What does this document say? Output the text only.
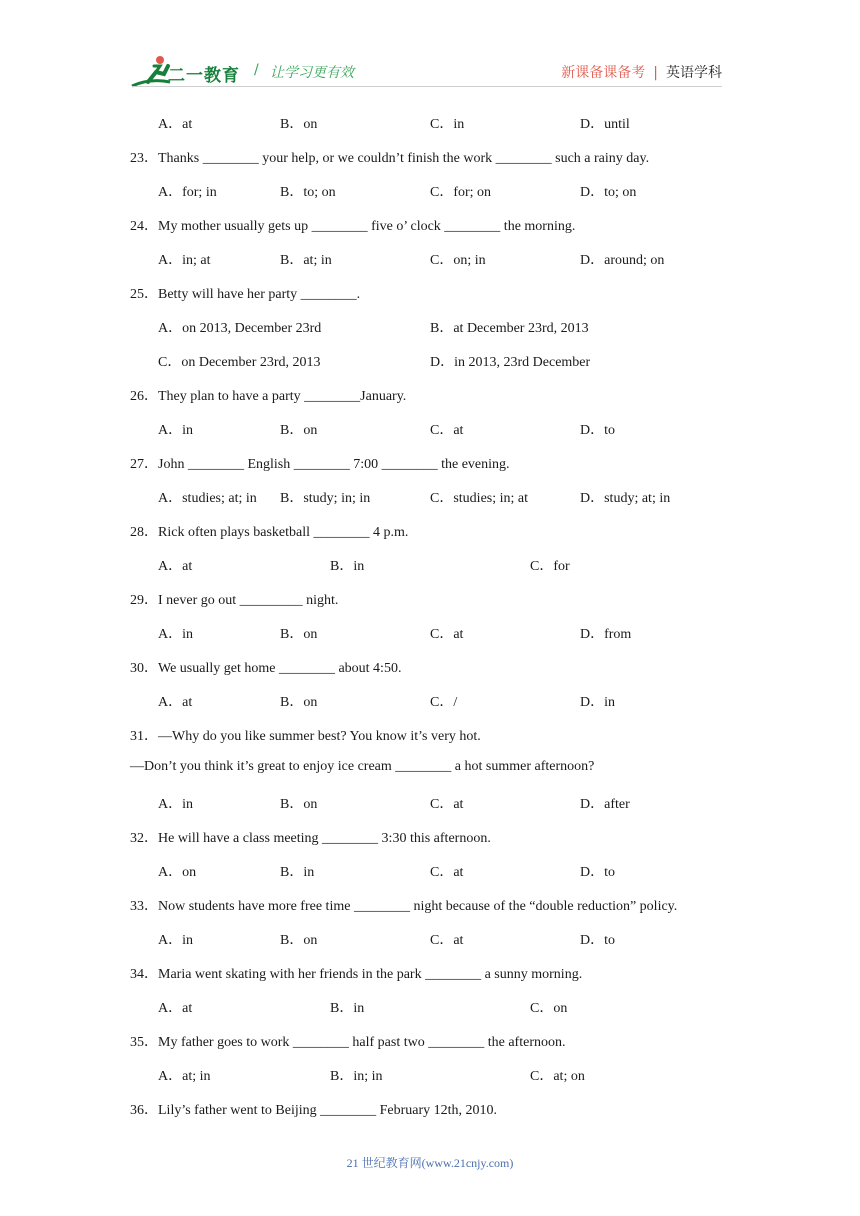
二一教育 / 让学习更有效	新课备课备考 | 英语学科
A．at	B．on	C．in	D．until
23．Thanks ________ your help, or we couldn’t finish the work ________ such a rainy day.
A．for; in	B．to; on	C．for; on	D．to; on
24．My mother usually gets up ________ five o’ clock ________ the morning.
A．in; at	B．at; in	C．on; in	D．around; on
25．Betty will have her party ________.
A．on 2013, December 23rd	B．at December 23rd, 2013
C．on December 23rd, 2013	D．in 2013, 23rd December
26．They plan to have a party ________January.
A．in	B．on	C．at	D．to
27．John ________ English ________ 7:00 ________ the evening.
A．studies; at; in B．study; in; in	C．studies; in; at	D．study; at; in
28．Rick often plays basketball ________ 4 p.m.
A．at	B．in	C．for
29．I never go out _________ night.
A．in	B．on	C．at	D．from
30．We usually get home ________ about 4:50.
A．at	B．on	C．/	D．in
31．—Why do you like summer best? You know it’s very hot.
—Don’t you think it’s great to enjoy ice cream ________ a hot summer afternoon?
A．in	B．on	C．at	D．after
32．He will have a class meeting ________ 3:30 this afternoon.
A．on	B．in	C．at	D．to
33．Now students have more free time ________ night because of the “double reduction” policy.
A．in	B．on	C．at	D．to
34．Maria went skating with her friends in the park ________ a sunny morning.
A．at	B．in	C．on
35．My father goes to work ________ half past two ________ the afternoon.
A．at; in	B．in; in	C．at; on
36．Lily’s father went to Beijing ________ February 12th, 2010.
21 世纪教育网(www.21cnjy.com)
